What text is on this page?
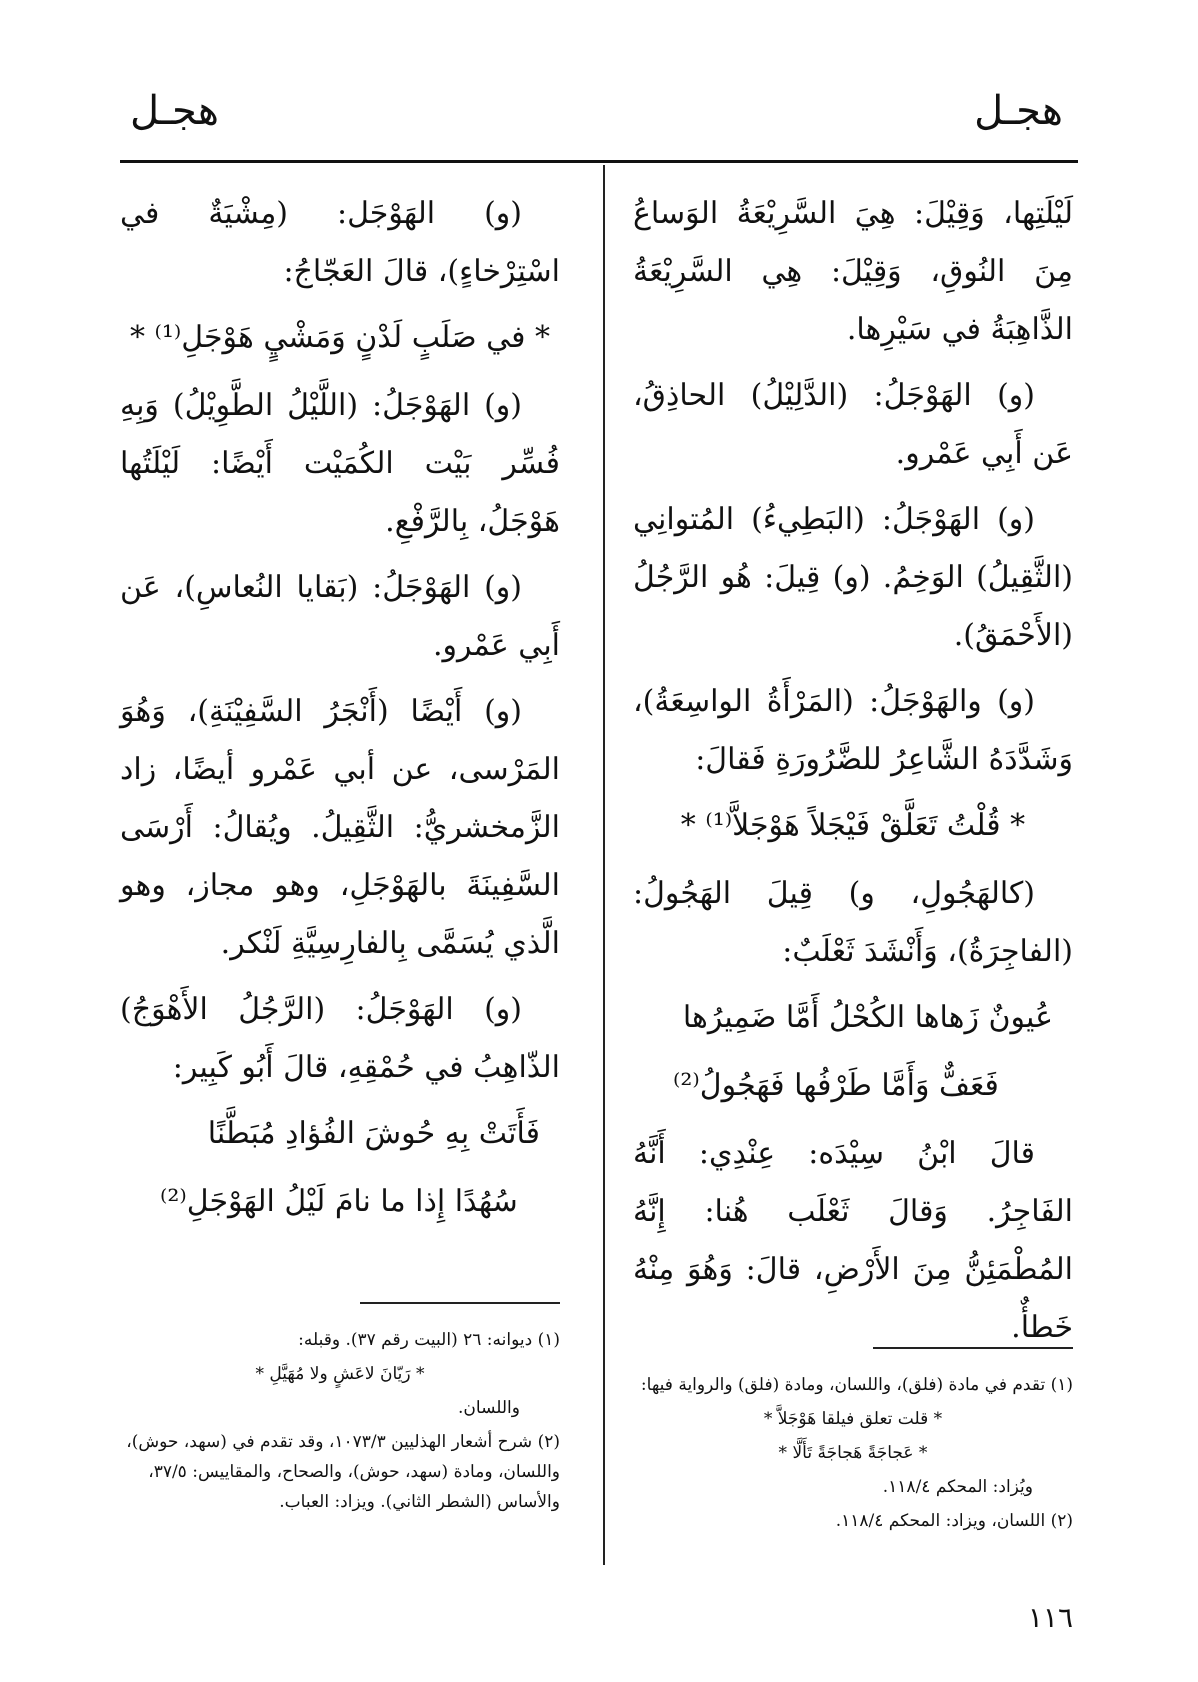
هجـل
هجـل

لَيْلَتِها، وَقِيْلَ: هِيَ السَّرِيْعَةُ الوَساعُ مِنَ النُوقِ، وَقِيْلَ: هِي السَّرِيْعَةُ الذَّاهِبَةُ في سَيْرِها.

(و) الهَوْجَلُ: (الدَّلِيْلُ) الحاذِقُ، عَن أَبِي عَمْرو.

(و) الهَوْجَلُ: (البَطِيءُ) المُتوانِي (الثَّقِيلُ) الوَخِمُ. (و) قِيلَ: هُو الرَّجُلُ (الأَحْمَقُ).

(و) والهَوْجَلُ: (المَرْأَةُ الواسِعَةُ)، وَشَدَّدَهُ الشَّاعِرُ للضَّرُورَةِ فَقالَ:

* قُلْتُ تَعَلَّقْ فَيْجَلاً هَوْجَلاَّ⁽¹⁾ *

(كالهَجُولِ، و) قِيلَ الهَجُولُ: (الفاجِرَةُ)، وَأَنْشَدَ ثَعْلَبٌ:

عُيونٌ زَهاها الكُحْلُ أَمَّا ضَمِيرُها

فَعَفٌّ وَأَمَّا طَرْفُها فَهَجُولُ⁽²⁾

قالَ ابْنُ سِيْدَه: عِنْدِي: أَنَّهُ الفَاجِرُ. وَقالَ ثَعْلَب هُنا: إِنَّهُ المُطْمَئِنُّ مِنَ الأَرْضِ، قالَ: وَهُوَ مِنْهُ خَطأٌ.

(و) الهَوْجَل: (مِشْيَةٌ في اسْتِرْخاءٍ)، قالَ العَجّاجُ:

* في صَلَبٍ لَدْنٍ وَمَشْيٍ هَوْجَلِ⁽¹⁾ *

(و) الهَوْجَلُ: (اللَّيْلُ الطَّوِيْلُ) وَبِهِ فُسِّر بَيْت الكُمَيْت أَيْضًا: لَيْلَتُها هَوْجَلُ، بِالرَّفْعِ.

(و) الهَوْجَلُ: (بَقايا النُعاسِ)، عَن أَبِي عَمْرو.

(و) أَيْضًا (أَنْجَرُ السَّفِيْنَةِ)، وَهُوَ المَرْسى، عن أبي عَمْرو أيضًا، زاد الزَّمخشريُّ: الثَّقِيلُ. ويُقالُ: أَرْسَى السَّفِينَةَ بالهَوْجَلِ، وهو مجاز، وهو الَّذي يُسَمَّى بِالفارِسِيَّةِ لَنْكر.

(و) الهَوْجَلُ: (الرَّجُلُ الأَهْوَجُ) الذّاهِبُ في حُمْقِهِ، قالَ أَبُو كَبِير:

فَأَتَتْ بِهِ حُوشَ الفُؤادِ مُبَطَّنًا

سُهُدًا إِذا ما نامَ لَيْلُ الهَوْجَلِ⁽²⁾

(١) تقدم في مادة (فلق)، واللسان، ومادة (فلق) والرواية فيها:

* قلت تعلق فيلقا هَوْجَلاَّ *

* عَجاجَةً هَجاجَةً تَأَلَّا *

ويُزاد: المحكم ١١٨/٤.

(٢) اللسان، ويزاد: المحكم ١١٨/٤.

(١) ديوانه: ٢٦ (البيت رقم ٣٧). وقبله:

* رَيّانَ لاعَشٍ ولا مُهَيَّلِ *

واللسان.

(٢) شرح أشعار الهذليين ١٠٧٣/٣، وقد تقدم في (سهد، حوش)، واللسان، ومادة (سهد، حوش)، والصحاح، والمقاييس: ٣٧/٥، والأساس (الشطر الثاني). ويزاد: العباب.

١١٦
